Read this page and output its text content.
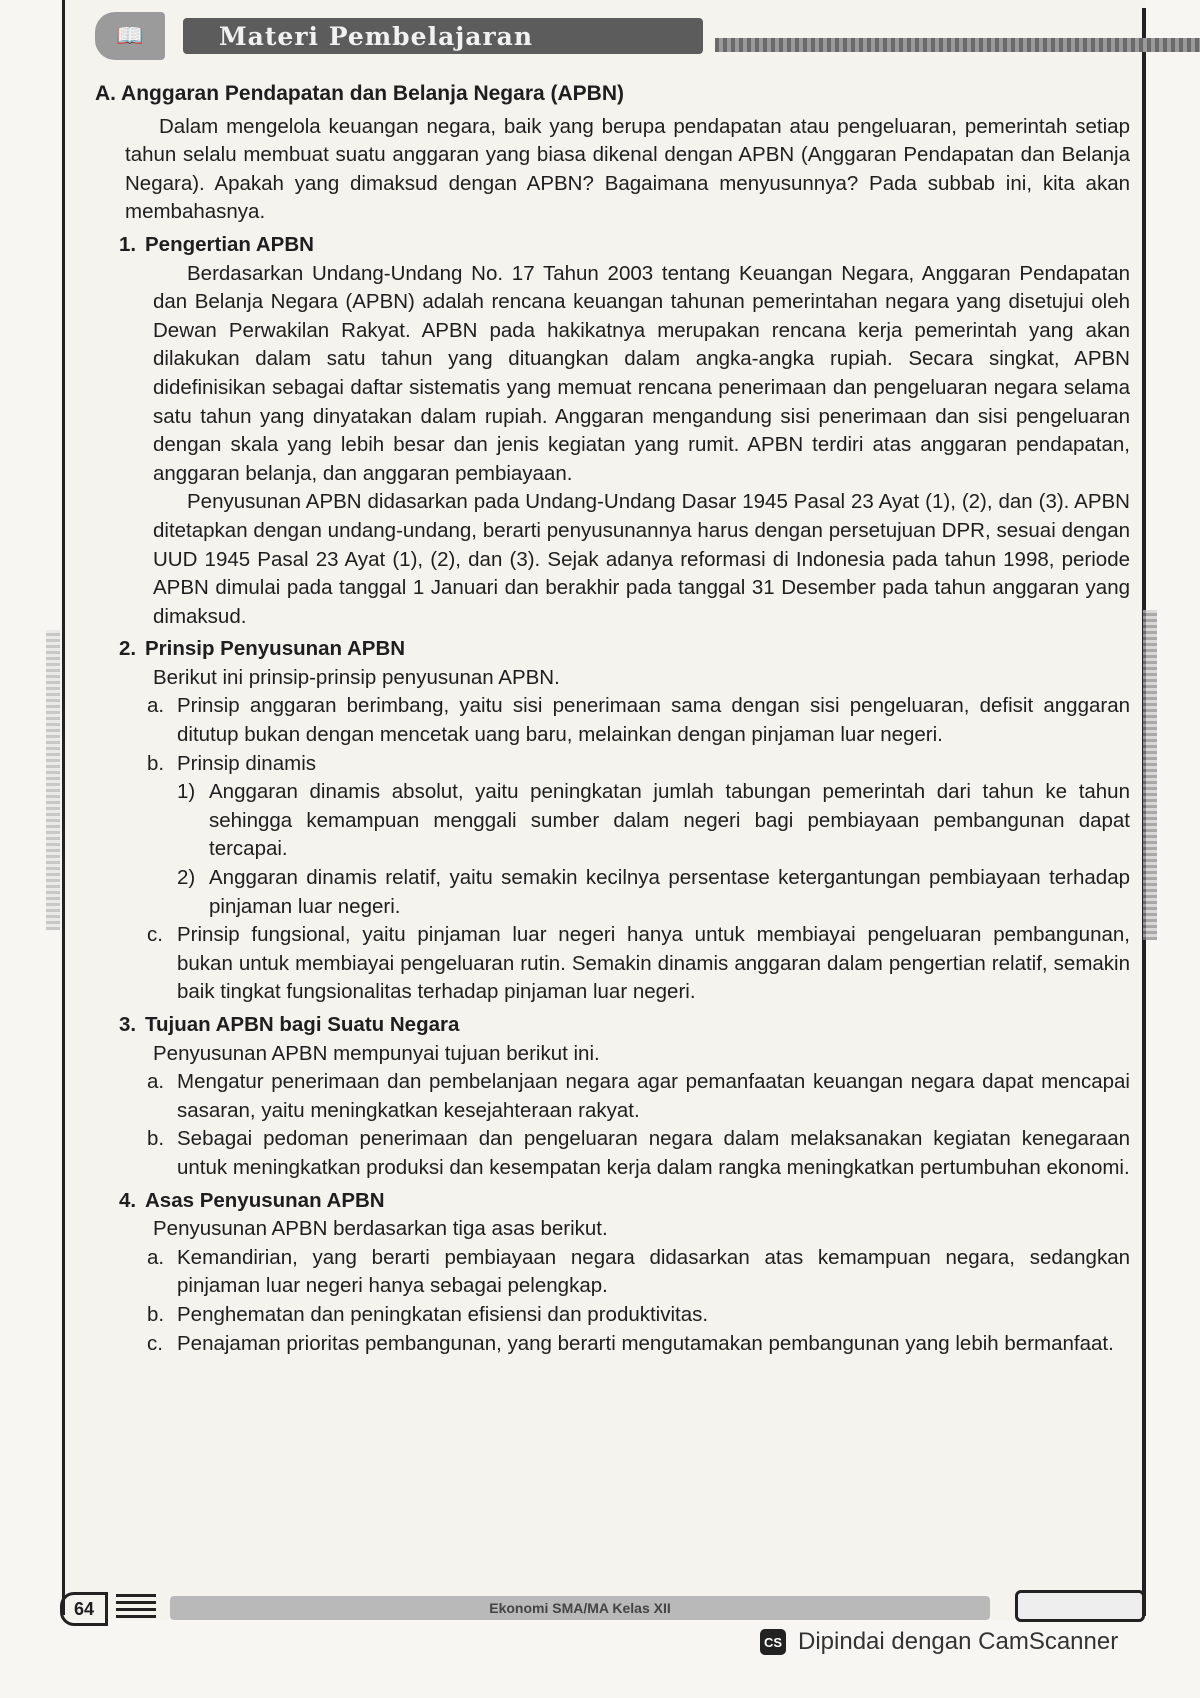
📖	Materi Pembelajaran
A. Anggaran Pendapatan dan Belanja Negara (APBN)

Dalam mengelola keuangan negara, baik yang berupa pendapatan atau pengeluaran, pemerintah setiap tahun selalu membuat suatu anggaran yang biasa dikenal dengan APBN (Anggaran Pendapatan dan Belanja Negara). Apakah yang dimaksud dengan APBN? Bagaimana menyusunnya? Pada subbab ini, kita akan membahasnya.

1. Pengertian APBN

Berdasarkan Undang-Undang No. 17 Tahun 2003 tentang Keuangan Negara, Anggaran Pendapatan dan Belanja Negara (APBN) adalah rencana keuangan tahunan pemerintahan negara yang disetujui oleh Dewan Perwakilan Rakyat. APBN pada hakikatnya merupakan rencana kerja pemerintah yang akan dilakukan dalam satu tahun yang dituangkan dalam angka-angka rupiah. Secara singkat, APBN didefinisikan sebagai daftar sistematis yang memuat rencana penerimaan dan pengeluaran negara selama satu tahun yang dinyatakan dalam rupiah. Anggaran mengandung sisi penerimaan dan sisi pengeluaran dengan skala yang lebih besar dan jenis kegiatan yang rumit. APBN terdiri atas anggaran pendapatan, anggaran belanja, dan anggaran pembiayaan.

Penyusunan APBN didasarkan pada Undang-Undang Dasar 1945 Pasal 23 Ayat (1), (2), dan (3). APBN ditetapkan dengan undang-undang, berarti penyusunannya harus dengan persetujuan DPR, sesuai dengan UUD 1945 Pasal 23 Ayat (1), (2), dan (3). Sejak adanya reformasi di Indonesia pada tahun 1998, periode APBN dimulai pada tanggal 1 Januari dan berakhir pada tanggal 31 Desember pada tahun anggaran yang dimaksud.

2. Prinsip Penyusunan APBN

Berikut ini prinsip-prinsip penyusunan APBN.

a. Prinsip anggaran berimbang, yaitu sisi penerimaan sama dengan sisi pengeluaran, defisit anggaran ditutup bukan dengan mencetak uang baru, melainkan dengan pinjaman luar negeri.
b. Prinsip dinamis
1) Anggaran dinamis absolut, yaitu peningkatan jumlah tabungan pemerintah dari tahun ke tahun sehingga kemampuan menggali sumber dalam negeri bagi pembiayaan pembangunan dapat tercapai.
2) Anggaran dinamis relatif, yaitu semakin kecilnya persentase ketergantungan pembiayaan terhadap pinjaman luar negeri.
c. Prinsip fungsional, yaitu pinjaman luar negeri hanya untuk membiayai pengeluaran pembangunan, bukan untuk membiayai pengeluaran rutin. Semakin dinamis anggaran dalam pengertian relatif, semakin baik tingkat fungsionalitas terhadap pinjaman luar negeri.
3. Tujuan APBN bagi Suatu Negara

Penyusunan APBN mempunyai tujuan berikut ini.

a. Mengatur penerimaan dan pembelanjaan negara agar pemanfaatan keuangan negara dapat mencapai sasaran, yaitu meningkatkan kesejahteraan rakyat.
b. Sebagai pedoman penerimaan dan pengeluaran negara dalam melaksanakan kegiatan kenegaraan untuk meningkatkan produksi dan kesempatan kerja dalam rangka meningkatkan pertumbuhan ekonomi.
4. Asas Penyusunan APBN

Penyusunan APBN berdasarkan tiga asas berikut.

a. Kemandirian, yang berarti pembiayaan negara didasarkan atas kemampuan negara, sedangkan pinjaman luar negeri hanya sebagai pelengkap.
b. Penghematan dan peningkatan efisiensi dan produktivitas.
c. Penajaman prioritas pembangunan, yang berarti mengutamakan pembangunan yang lebih bermanfaat.
64	Ekonomi SMA/MA Kelas XII
CS Dipindai dengan CamScanner
